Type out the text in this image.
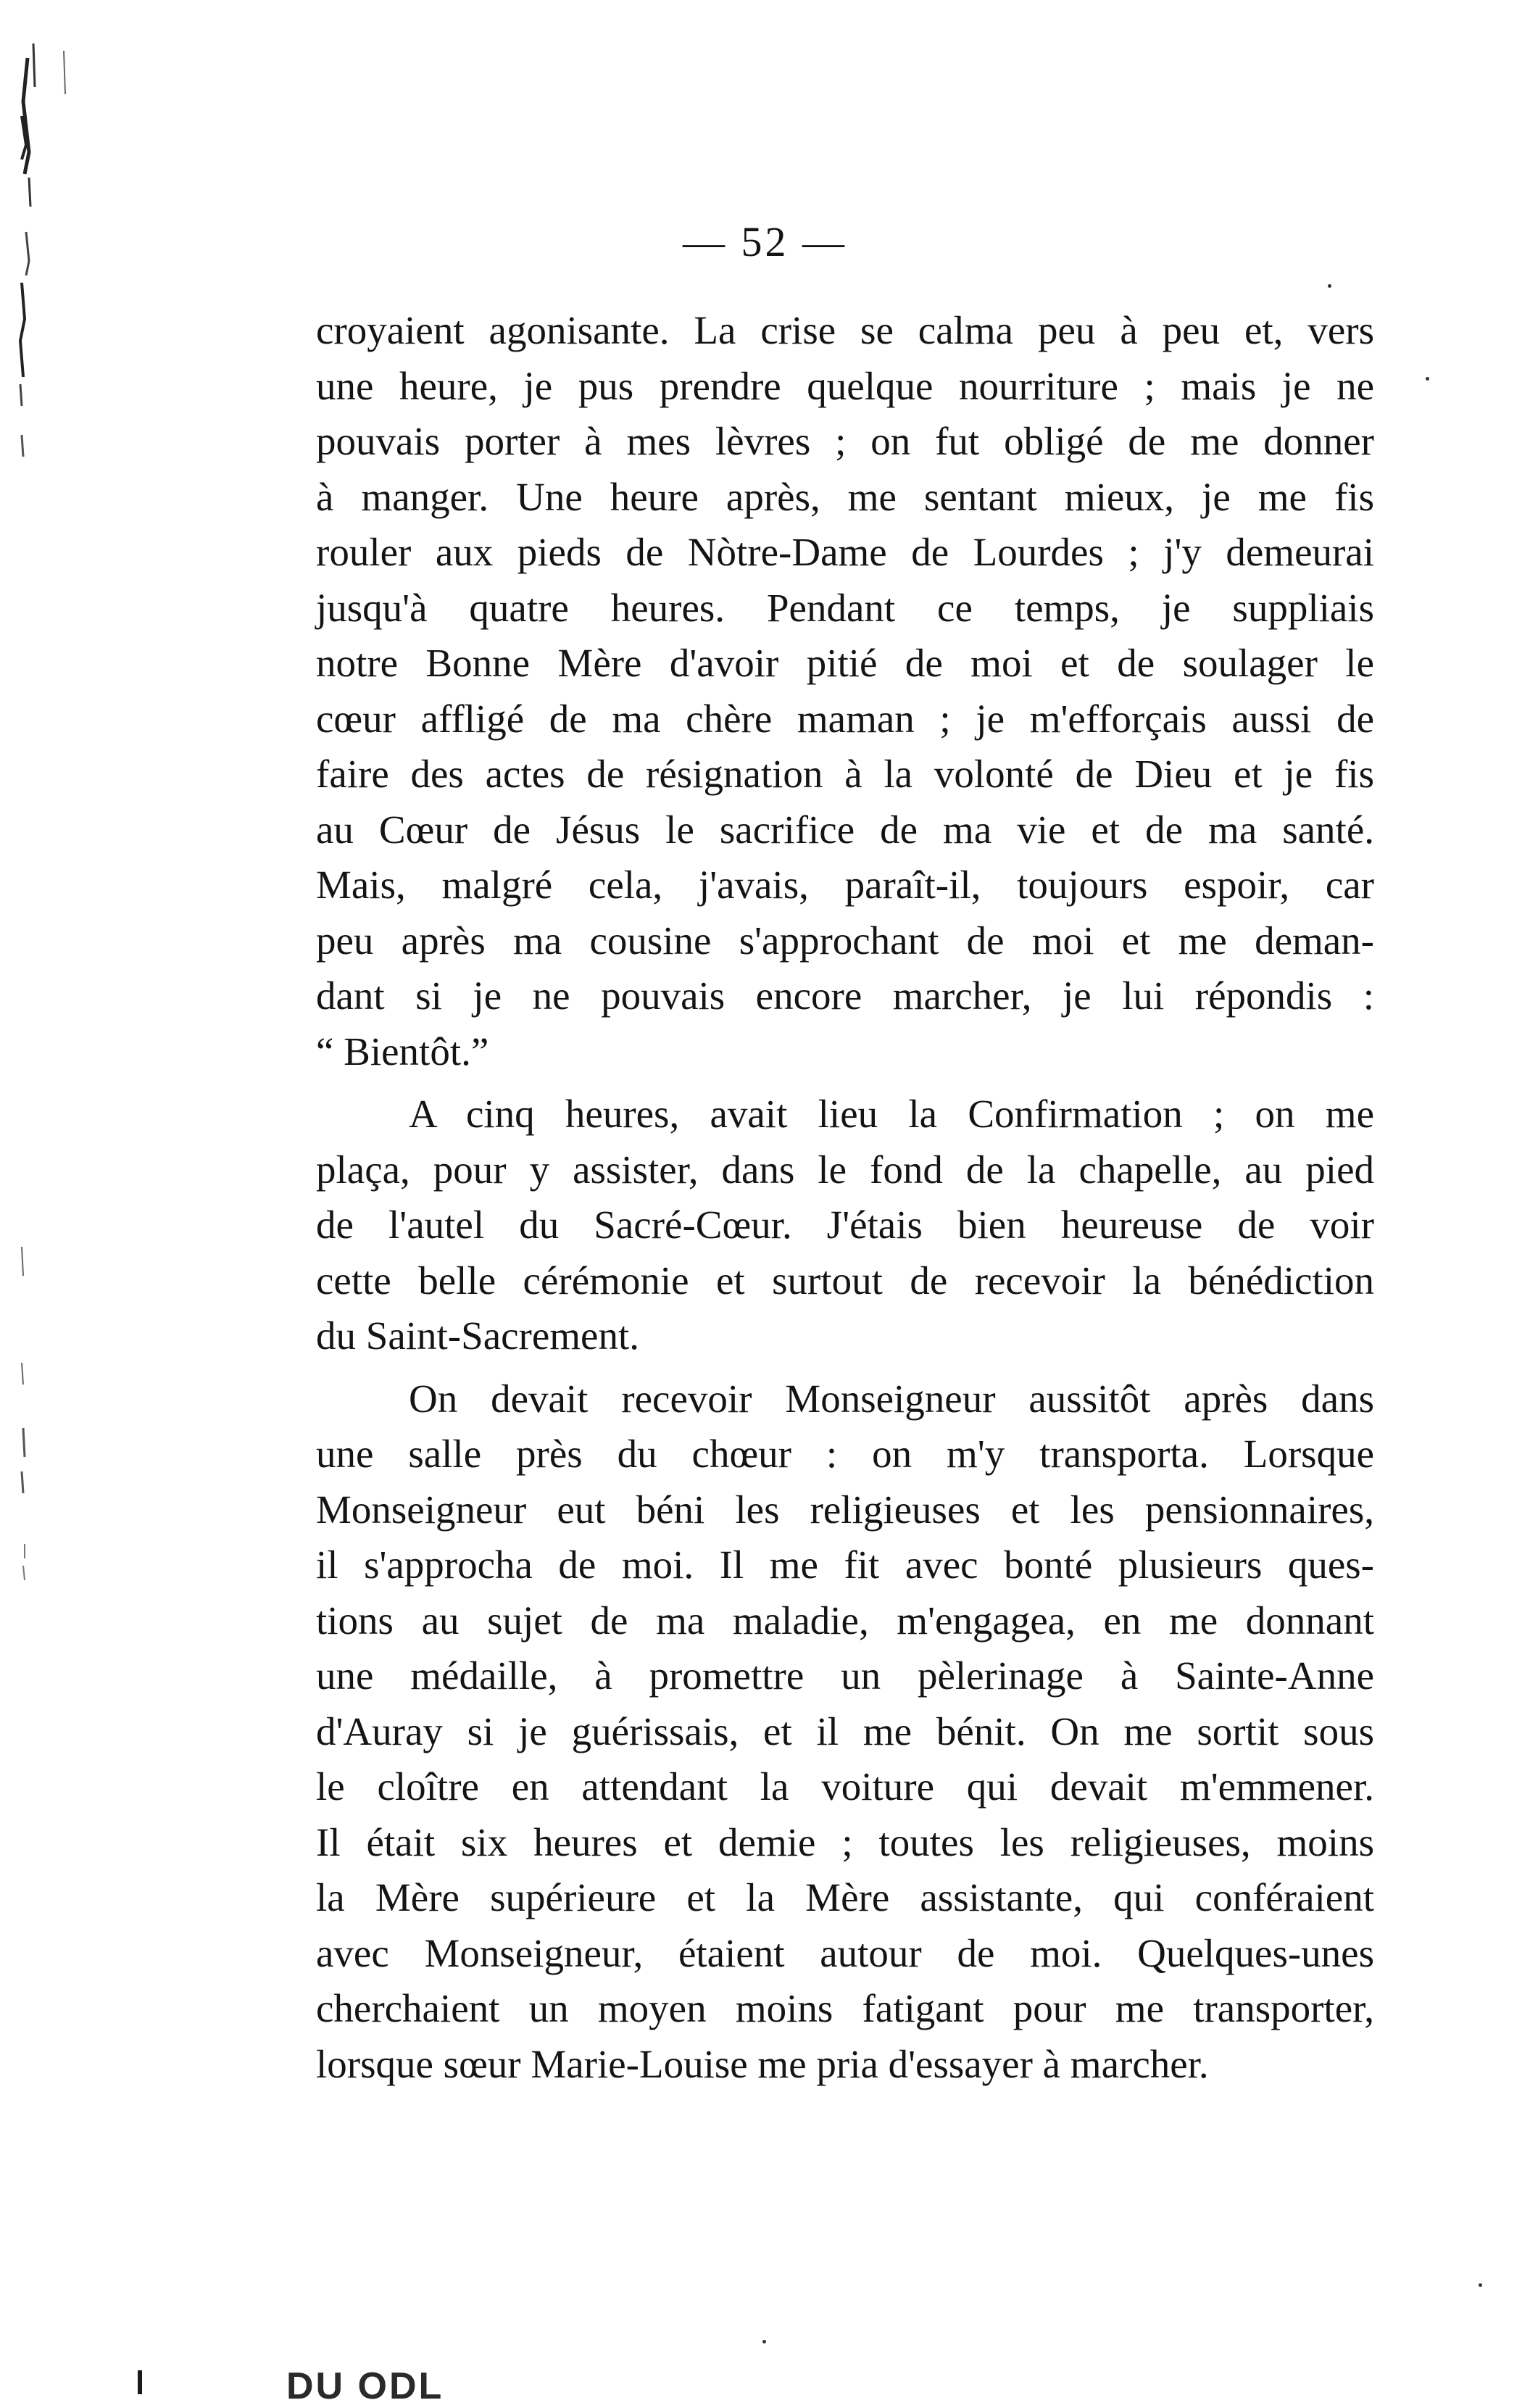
— 52 —
croyaient agonisante. La crise se calma peu à peu et, vers
une heure, je pus prendre quelque nourriture ; mais je ne
pouvais porter à mes lèvres ; on fut obligé de me donner
à manger. Une heure après, me sentant mieux, je me fis
rouler aux pieds de Nòtre-Dame de Lourdes ; j'y demeurai
jusqu'à quatre heures. Pendant ce temps, je suppliais
notre Bonne Mère d'avoir pitié de moi et de soulager le
cœur affligé de ma chère maman ; je m'efforçais aussi de
faire des actes de résignation à la volonté de Dieu et je fis
au Cœur de Jésus le sacrifice de ma vie et de ma santé.
Mais, malgré cela, j'avais, paraît-il, toujours espoir, car
peu après ma cousine s'approchant de moi et me deman-
dant si je ne pouvais encore marcher, je lui répondis :
“ Bientôt.”
A cinq heures, avait lieu la Confirmation ; on me
plaça, pour y assister, dans le fond de la chapelle, au pied
de l'autel du Sacré-Cœur. J'étais bien heureuse de voir
cette belle cérémonie et surtout de recevoir la bénédiction
du Saint-Sacrement.
On devait recevoir Monseigneur aussitôt après dans
une salle près du chœur : on m'y transporta. Lorsque
Monseigneur eut béni les religieuses et les pensionnaires,
il s'approcha de moi. Il me fit avec bonté plusieurs ques-
tions au sujet de ma maladie, m'engagea, en me donnant
une médaille, à promettre un pèlerinage à Sainte-Anne
d'Auray si je guérissais, et il me bénit. On me sortit sous
le cloître en attendant la voiture qui devait m'emmener.
Il était six heures et demie ; toutes les religieuses, moins
la Mère supérieure et la Mère assistante, qui conféraient
avec Monseigneur, étaient autour de moi. Quelques-unes
cherchaient un moyen moins fatigant pour me transporter,
lorsque sœur Marie-Louise me pria d'essayer à marcher.
DU ODL
